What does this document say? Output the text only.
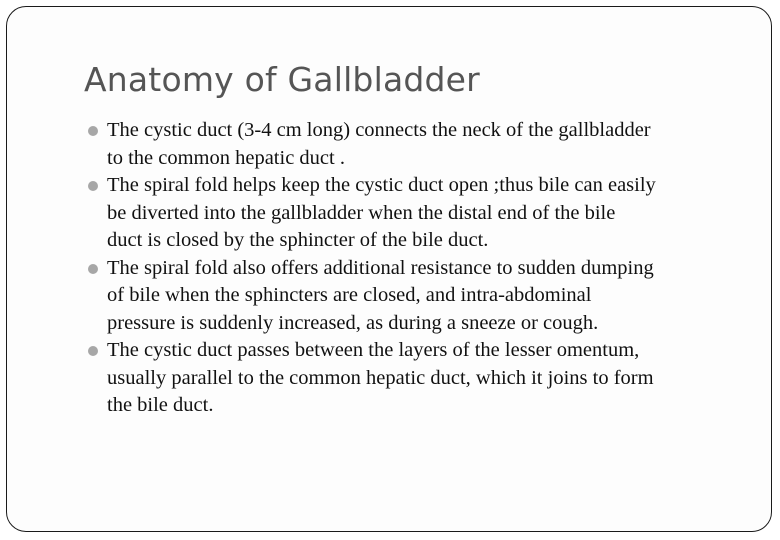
Anatomy of Gallbladder
The cystic duct (3-4 cm long) connects the neck of the gallbladder
to the common hepatic duct .
The spiral fold helps keep the cystic duct open ;thus bile can easily
be diverted into the gallbladder when the distal end of the bile
duct is closed by the sphincter of the bile duct.
The spiral fold also offers additional resistance to sudden dumping
of bile when the sphincters are closed, and intra-abdominal
pressure is suddenly increased, as during a sneeze or cough.
The cystic duct passes between the layers of the lesser omentum,
usually parallel to the common hepatic duct, which it joins to form
the bile duct.
